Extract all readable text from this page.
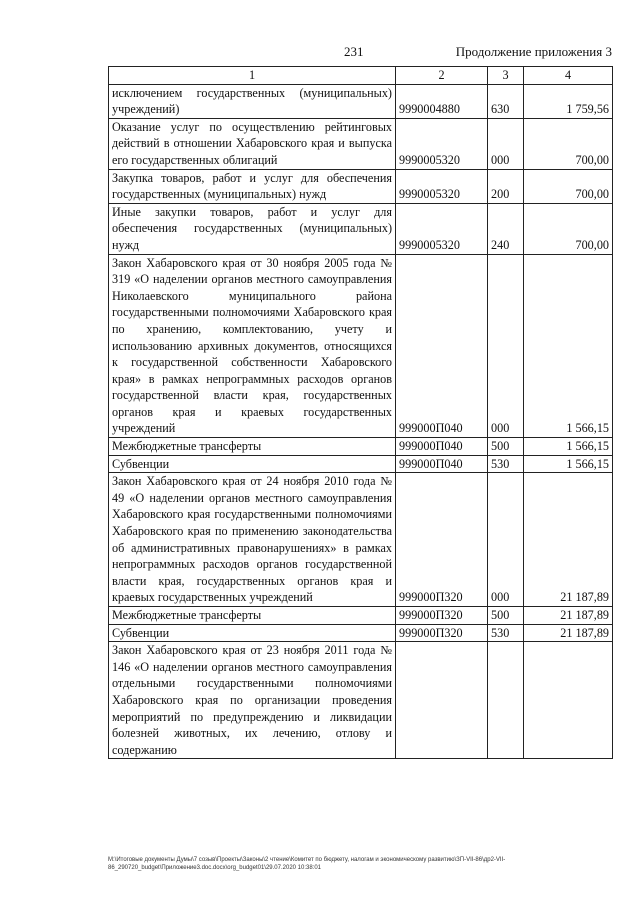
231	Продолжение приложения 3
1	2	3	4
исключением государственных (муниципальных) учреждений)	9990004880	630	1 759,56
Оказание услуг по осуществлению рейтинговых действий в отношении Хабаровского края и выпуска его государственных облигаций	9990005320	000	700,00
Закупка товаров, работ и услуг для обеспечения государственных (муниципальных) нужд	9990005320	200	700,00
Иные закупки товаров, работ и услуг для обеспечения государственных (муниципальных) нужд	9990005320	240	700,00
Закон Хабаровского края от 30 ноября 2005 года № 319 «О наделении органов местного самоуправления Николаевского муниципального района государственными полномочиями Хабаровского края по хранению, комплектованию, учету и использованию архивных документов, относящихся к государственной собственности Хабаровского края» в рамках непрограммных расходов органов государственной власти края, государственных органов края и краевых государственных учреждений	999000П040	000	1 566,15
Межбюджетные трансферты	999000П040	500	1 566,15
Субвенции	999000П040	530	1 566,15
Закон Хабаровского края от 24 ноября 2010 года № 49 «О наделении органов местного самоуправления Хабаровского края государственными полномочиями Хабаровского края по применению законодательства об административных правонарушениях» в рамках непрограммных расходов органов государственной власти края, государственных органов края и краевых государственных учреждений	999000П320	000	21 187,89
Межбюджетные трансферты	999000П320	500	21 187,89
Субвенции	999000П320	530	21 187,89
Закон Хабаровского края от 23 ноября 2011 года № 146 «О наделении органов местного самоуправления отдельными государственными полномочиями Хабаровского края по организации проведения мероприятий по предупреждению и ликвидации болезней животных, их лечению, отлову и содержанию			
M:\Итоговые документы Думы\7 созыв\Проекты\Законы\2 чтение\Комитет по бюджету, налогам и экономическому развитию\ЗП-VII-86\др2-VII-86_290720_budget\Приложение3.doc.docx\org_budget01\29.07.2020 10:38:01
